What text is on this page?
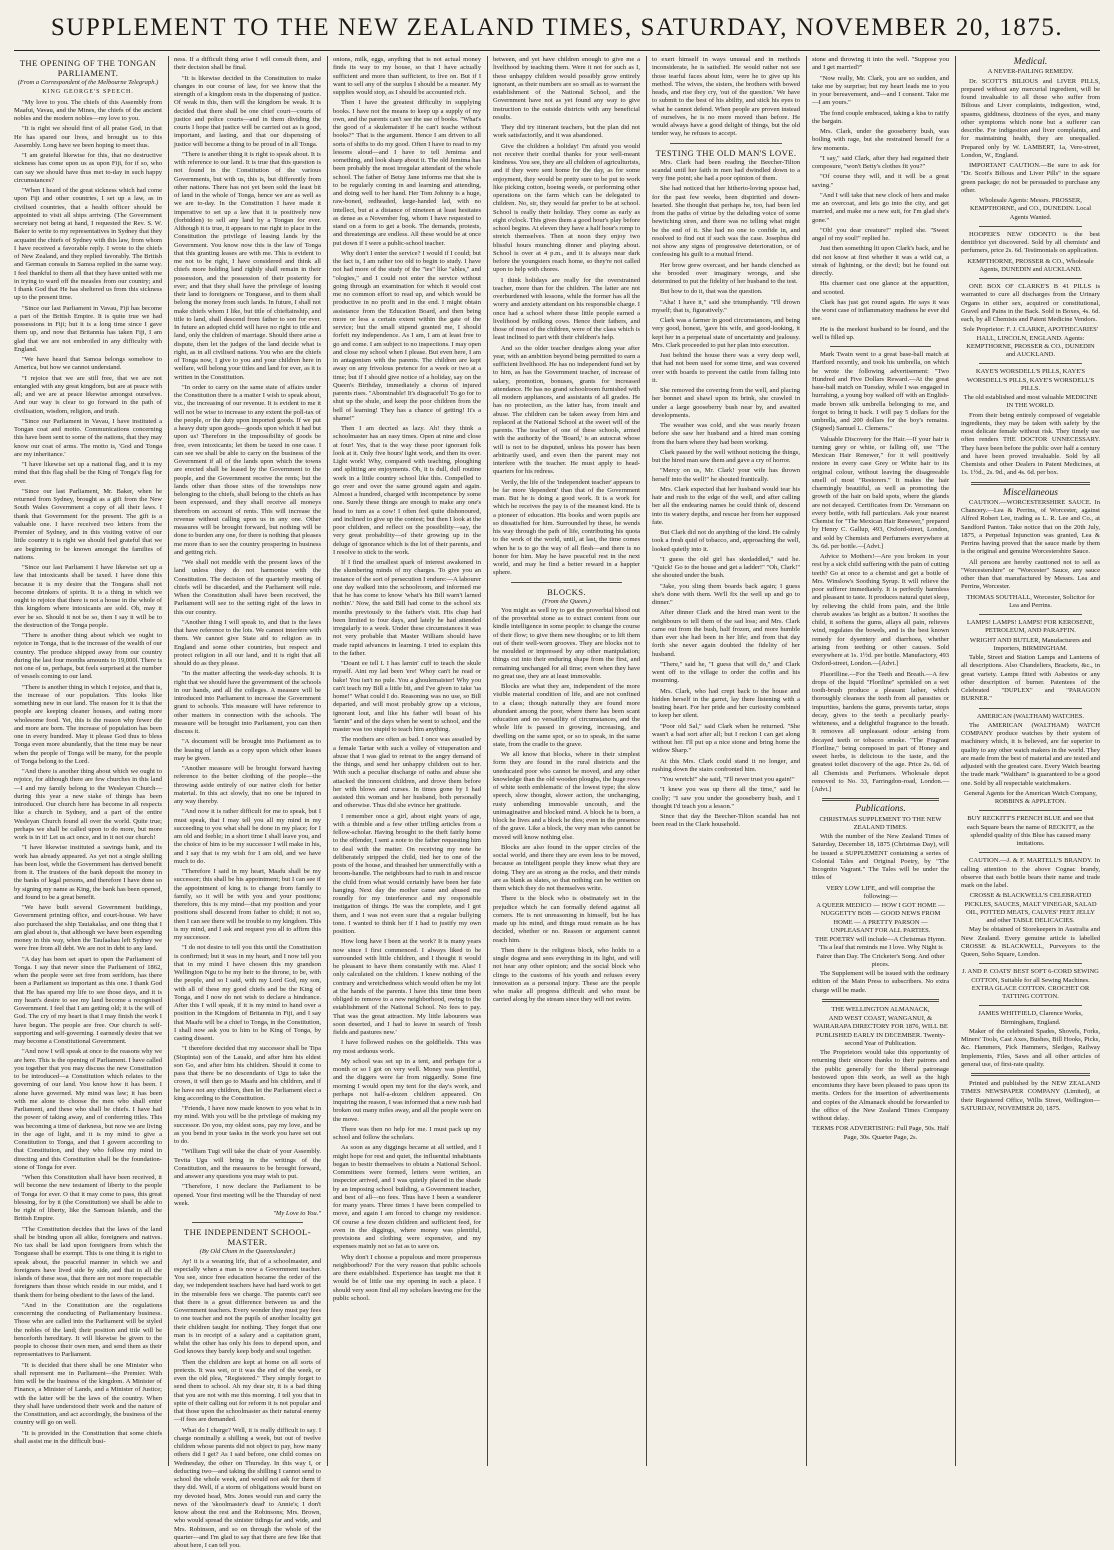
SUPPLEMENT TO THE NEW ZEALAND TIMES, SATURDAY, NOVEMBER 20, 1875.
THE OPENING OF THE TONGAN PARLIAMENT.
(From a Correspondent of the Melbourne Telegraph.)
KING GEORGE'S SPEECH.

"My love to you. The chiefs of this Assembly from Maafui, Vavau, and the Mines, the chiefs of the ancient nobles and the modern nobles—my love to you.

"It is right we should first of all praise God, in that He has spared our lives, and brought us to this Assembly. Long have we been hoping to meet thus.

"I am grateful likewise for this, that no destructive sickness has come upon us as upon Fiji, for if so, who can say we should have thus met to-day in such happy circumstances?

"When I heard of the great sickness which had come upon Fiji and other countries, I set up a law, as in civilised countries, that a health officer should be appointed to visit all ships arriving. (The Government secretary not being at hand, I requested the Rev. S. W. Baker to write to my representatives in Sydney that they acquaint the chiefs of Sydney with this law, from whom I have received a favorable reply. I wrote to the chiefs of New Zealand, and they replied favorably. The British and German consuls in Samoa replied in the same way. I feel thankful to them all that they have united with me in trying to ward off the measles from our country; and I thank God that He has sheltered us from this sickness up to the present time.

"Since our last Parliament in Vavau, Fiji has become a part of the British Empire. It is quite true we had possessions in Fiji; but it is a long time since I gave them up, and now that Britannia has taken Fiji, I am glad that we are not embroiled in any difficulty with England.

"We have heard that Samoa belongs somehow to America, but how we cannot understand.

"I rejoice that we are still free, that we are not entangled with any great kingdom, but are at peace with all; and we are at peace likewise amongst ourselves. And our way is clear to go forward in the path of civilisation, wisdom, religion, and truth.

"Since our Parliament in Vavau, I have instituted a Tongan coat and motto. Communications concerning this have been sent to some of the nations, that they may know our coat of arms. The motto is, 'God and Tonga are my inheritance.'

"I have likewise set up a national flag, and it is my mind that this flag shall be the King of Tonga's flag for ever.

"Since our last Parliament, Mr. Baker, when he returned from Sydney, brought as a gift from the New South Wales Government a copy of all their laws. I thank that Government for the present. The gift is a valuable one. I have received two letters from the Premier of Sydney, and in this visiting votive of our little country it is right we should feel grateful that we are beginning to be known amongst the families of nations.

"Since our last Parliament I have likewise set up a law that intoxicants shall be taxed. I have done this because it is my desire that the Tongans shall not become drinkers of spirits. It is a thing in which we ought to rejoice that there is not a house in the whole of this kingdom where intoxicants are sold. Oh, may it ever be so. Should it not be so, then I say it will be to the destruction of the Tonga people.

"There is another thing about which we ought to rejoice in Tonga, that is the increase of the wealth of our country. The produce shipped away from our country during the last four months amounts to 19,000l. There is not one of us, perhaps, but feels surprised at the number of vessels coming to our land.

"There is another thing in which I rejoice, and that is, the increase of our population. This looks like something new in our land. The reason for it is that the people are keeping cleaner houses, and eating more wholesome food. Yet, this is the reason why fewer die and more are born. The increase of population has been one in every hundred. May it please God thus to bless Tonga even more abundantly, that the time may be near when the people of Tonga will be many, for the people of Tonga belong to the Lord.

"And there is another thing about which we ought to rejoice, for although there are few churches in this land—I and my family belong to the Wesleyan Church—during this year a new stake of things has been introduced. Our church here has become in all respects like a church in Sydney, and a part of the entire Wesleyan Church found all over the world. Quite true; perhaps we shall be called upon to do more, but more work is in it! Let us act once, and in it not our church!

"I have likewise instituted a savings bank, and its work has already appeared. As yet not a single shilling has been lost, while the Government has derived benefit from it. The trustees of the bank deposit the money in the banks of legal persons, and therefore I have done so by signing my name as King, the bank has been opened, and found to be a great benefit.

"We have built several Government buildings, Government printing office, and court-house. We have also purchased the ship Tauiakalaa, and one thing that I am glad about is, that although we have been expending money in this way, when the Taufaahau left Sydney we were free from all debt. We are not in debt to any land.

"A day has been set apart to open the Parliament of Tonga. I say that never since the Parliament of 1862, when the people were set free from serfdom, has there been a Parliament so important as this one. I thank God that He has spared my life to see those days, and it is my heart's desire to see my land become a recognised Government. I feel that I am getting old; it is the will of God. The cry of my heart is that I may finish the work I have begun. The people are free. Our church is self-supporting and self-governing. I earnestly desire that we may become a Constitutional Government.

"And now I will speak at once to the reasons why we are here. This is the opening of Parliament. I have called you together that you may discuss the new Constitution to be introduced—a Constitution which relates to the governing of our land. You know how it has been. I alone have governed. My mind was law; it has been with me alone to choose the men who shall enter Parliament, and these who shall be chiefs. I have had the power of taking away, and of conferring titles. This was becoming a time of darkness, but now we are living in the age of light, and it is my mind to give a Constitution to Tonga, and that I govern according to that Constitution, and they who follow my mind in directing and this Constitution shall be the foundation-stone of Tonga for ever.

"When this Constitution shall have been received, it will become the new testament of liberty to the people of Tonga for ever. O that it may come to pass, this great blessing, for by it (the Constitution) we shall be able to be right of liberty, like the Samoan Islands, and the British Empire.

"The Constitution decides that the laws of the land shall be binding upon all alike, foreigners and natives. No tax shall be laid upon foreigners from which the Tonguese shall be exempt. This is one thing it is right to speak about, the peaceful manner in which we and foreigners have lived side by side, and that in all the islands of these seas, that there are not more respectable foreigners than those which reside in our midst, and I thank them for being obedient to the laws of the land.

"And in the Constitution are the regulations concerning the conducting of Parliamentary business. Those who are called into the Parliament will be styled the nobles of the land; their position and title will be henceforth hereditary. It will likewise be given to the people to choose their own men, and send them as their representatives to Parliament.

"It is decided that there shall be one Minister who shall represent me in Parliament—the Premier. With him will be the business of the kingdom. A Minister of Finance, a Minister of Lands, and a Minister of Justice; with the latter will be the laws of the country. When they shall have understood their work and the nature of the Constitution, and act accordingly, the business of the country will go on well.

"It is provided in the Constitution that some chiefs shall assist me in the difficult busi-

ness. If a difficult thing arise I will consult them, and their decision shall be final.

"It is likewise decided in the Constitution to make changes in our course of law, for we know that the strength of a kingdom rests in the dispensing of justice. Of weak in this, then will the kingdom be weak. It is decided that there shall be one chief court—courts of justice and police courts—and in them dividing the courts I hope that justice will be carried out as is good, important, and lasting, and that our dispensing of justice will become a thing to be proud of in all Tonga.

"There is another thing it is right to speak about. It is with reference to our land. It is true that this question is not found in the Constitution of the various Governments, but with us, this is, but differently from other nations. There has not yet been sold the least bit of land in the whole of Tonga, hence we are as well as we are to-day. In the Constitution I have made it imperative to set up a law that it is positively now (forbidden) to sell any land by a Tongan for ever. Although it is true, it appears to me right to place in the Constitution the privilege of leasing lands by the Government. You know now this is the law of Tonga that this granting leases are with me. This is evident to me not to be right, I have considered and think all chiefs more holding land rightly shall remain in their possession, and the possession of their posterity for ever; and that they shall have the privilege of leasing their land to foreigners or Tonguese, and to them shall belong the money from such lands. In future, I shall not make chiefs whom I like, but title of chieftainship, and title to land, shall descend from father to son for ever. In future an adopted child will have no right to title and land, only the children of marriage. Should there arise a dispute, then let the judges of the land decide what is right, as in all civilised nations. You who are the chiefs of Tonga now, I give to you and your children here in welfare, will belong your titles and land for ever, as it is written in the Constitution.

"In order to carry on the same state of affairs under the Constitution there is a matter I wish to speak about, viz., the increasing of our revenue. It is evident to me it will not be wise to increase to any extent the poll-tax of the people, or the duty upon imported goods. If we put a heavy duty upon goods—goods upon which it had but upon us! Therefore in the impossibility of goods be free, even intoxicants; let them be taxed in one case. I can see we shall be able to carry on the business of the Government if all of the lands upon which the towns are erected shall be leased by the Government to the people, and the Government receive the rents; but the lands other than those sites of the townships now belonging to the chiefs, shall belong to the chiefs as has been expressed, and they shall receive all moneys therefrom on account of rents. This will increase the revenue without calling upon us in any one. Other measures will be brought forward, but nothing will be done to burden any one, for there is nothing that pleases me more than to see the country prospering in business and getting rich.

"We shall not meddle with the present laws of the land unless they do not harmonise with the Constitution. The decision of the quarterly meeting of chiefs will be discarded, and the Parliament will rule. When the Constitution shall have been received, the Parliament will see to the setting right of the laws in this our country.

"Another thing I will speak to, and that is the laws that have reference to the lots. We cannot interfere with them. We cannot give State aid to religion as in England and some other countries, but respect and protect religion in all our land, and it is right that all should do as they please.

"In the matter affecting the week-day schools. It is right that we should have the government of the schools in our hands, and all the colleges. A measure will be introduced into Parliament to increase the Government grant to schools. This measure will have reference to other matters in connection with the schools. The measure will be brought into Parliament, you can then discuss it.

"A document will be brought into Parliament as to the leasing of lands as a copy upon which other leases may be given.

"Another measure will be brought forward having reference to the better clothing of the people—the throwing aside entirely of our native cloth for better material. In this act slowly, that no one be injured in any way thereby.

"And now it is rather difficult for me to speak, but I must speak, that I may tell you all my mind in my succeeding to you what shall be done in my place; for I am old and feeble; in a short time I shall leave you, and the choice of him to be my successor I will make in his, and I say that is my wish for I am old, and we have much to do.

"Therefore I said in my heart, Maafu shall be my successor; this shall be his appointment; but I can see if the appointment of king is to change from family to family, so it will be with you and your positions; therefore, this is my mind—that my position and your positions shall descend from father to child; it not so, then I can see there will be trouble to my kingdom. This is my mind, and I ask and request you all to affirm this my successor.

"I do not desire to tell you this until the Constitution is confirmed; but it was in my heart, and I now tell you that in my mind I have chosen this my grandson Wellington Ngu to be my heir to the throne, to be, with the people, and so I said, with my Lord God, my son, with all of these my good chiefs and be the King of Tonga, and I now do not wish to declare a hindrance. After this I will speak, if it is my mind to hand over a position in the Kingdom of Britannia in Fiji, and I say that Maafu will be a chief to Tonga, in the Constitution, I shall now ask you to him to be King of Tonga, by casting dissent.

"I therefore decided that my successor shall be Tipa (Siupinta) son of the Lauaki, and after him his eldest son Go, and after him his children. Should it come to pass that there be no descendants of Ugu to take the crown, it will then go to Maafu and his children, and if he have not any children, then let the Parliament elect a king according to the Constitution.

"Friends, I have now made known to you what is in my mind. With you will be the privilege of making my successor. Do you, my oldest sons, pay my love, and be as you bend in your tasks in the work you have set out to do.

"William Tugi will take the chair of your Assembly. Tevita Ugu will bring in the writings of the Constitution, and the measures to be brought forward, and answer any questions you may wish to put.

"Therefore, I now declare the Parliament to be opened. Your first meeting will be the Thursday of next week.

"My Love to You."
THE INDEPENDENT SCHOOL-MASTER.
(By Old Chum in the Queenslander.)

Ay! it is a weaning life, that of a schoolmaster, and especially when a man is now a Government teacher. You see, since free education became the order of the day, we independent teachers have had hard work to get in the miserable fees we charge. The parents can't see that there is a great difference between us and the Government teachers. Every wonder they must pay fees to one teacher and not the pupils of another locality got their children taught for nothing. They forget that one man is in receipt of a salary and a capitation grant, whilst the other has only his fees to depend upon, and God knows they barely keep body and soul together.

Then the children are kept at home on all sorts of pretexts. It was wet, or it was the end of the week, or even the old plea, "Registered." They simply forget to send them to school. Ah my dear sir, it is a bad thing that you are not with me this morning. I tell you that in spite of their calling out for reform it is not popular and that those upon the schoolmaster as their natural enemy—if fees are demanded.

What do I charge? Well, it is really difficult to say. I charge nominally a shilling a week, but out of twelve children whose parents did not object to pay, how many others did I get? As I said before, one child comes on Wednesday, the other on Thursday. In this way I, or deducting two—and taking the shilling I cannot send to school the whole week, and would not ask for them if they did. Well, if a storm of obligations would burst on my devoted head, Mrs. Jones would run and carry the news of the 'skoolmaster's dead' to Annie's; I don't know about the rest and the Robinsons; Mrs. Brown, who would spread the sinister tidings far and wide, and Mrs. Robinson, and so on through the whole of the quarter—and I'm glad to say that there are few like that about here, I can tell you.

onions, milk, eggs, anything that is not actual money finds its way to my house, so that I have actually sufficient and more than sufficient, to live on. But if I want to sell any of the surplus I should be a meaner. My supplies would stop, as I should be accounted rich.

Then I have the greatest difficulty in supplying books. I have not the means to keep up a supply of my own, and the parents can't see the use of books. "What's the good of a skulemaister if he can't teache without books?" That is the argument. Hence I am driven to all sorts of shifts to do my good. Often I have to read to my lessons aloud—and I have to tell Jemima and something, and look sharp about it. The old Jemima has been probably the most irregular attendant of the whole school. The father of Betsy Jane informs me that she is to be regularly coming in and learning and attending, and doing well to her hand. Her Tom Johnny is a huge, raw-boned, redheaded, large-handed lad, with no intellect, but at a distance of nineteen at least hesitates as dense as a November fog, whom I have requested to stand on a form to get a book. The demands, protests, and threatenings are endless. All these would be at once put down if I were a public-school teacher.

Why don't I enter the service? I would if I could; but the fact is, I am rather too old to begin to study. I have not had more of the study of the "ies" like "ables," and "ologies," and I could not enter the service without going through an examination for which it would cost me no common effort to read up, and which would be productive in no profit and in the end. I might obtain assistance from the Education Board, and then being more or less a certain extent within the gate of the service; but the small stipend granted me, I should forfeit my independence. As I am, I am at least free to go and come. I am subject to no inspections. I may open and close my school when I please. But even here, I am in antagonism with the parents. The children are kept away on any frivolous pretence for a week or two at a time; but if I should give notice of a holiday, say on the Queen's Birthday, immediately a chorus of injured parents rises. "Abominable! It's disgraceful! To go for to shut up the shule, and keep the poor children from the bell of learning! They has a chance of getting! It's a shame!"

Then I am decried as lazy. Ah! they think a schoolmaster has an easy times. Open at nine and close at four! Yes, that is the way these poor ignorant folk look at it. Only five hours' light work, and then its over. Light work! Why, compared with teaching, ploughing and splitting are enjoyments. Oh, it is dull, dull routine work in a little country school like this. Compelled to go over and over the same ground again and again. Almost a hundred, charged with incompetence by some one. Surely these things are enough to make any one's head to turn as a cow! I often feel quite dishonoured, and inclined to give up the contest; but then I look at the poor children, and reflect on the possibility—say, the very great probability—of their growing up in the deluge of ignorance which is the lot of their parents, and I resolve to stick to the work.

If I find the smallest spark of interest awakened in the slumbering minds of my charges. To give you an instance of the sort of persecution I endure:—A labourer one day walked into the schoolroom, and informed me that he has come to know 'what's his Bill warn't larned nothin'.' Now, the said Bill had come to the school six months previously to the father's visit. His chap had been limited to four days, and lately he had attended irregularly to a week. Under these circumstances it was not very probable that Master William should have made rapid advances in learning. I tried to explain this to the father.

"Doant ee tell I. I has larnin' cuff to teach the skule myself. Aint my lad been 'ere! Whoy can't he read or bake! You isn't no pule. You a ghoulemaister! Why you can't teach my Bill a little bit, and I've given to take 'ua home!" What could I do. Reasoning was no use, so Bill departed, and will most probably grow up a vicious, ignorant lout, and like his father will boast of his 'larnin'' and of the days when he went to school, and the master was too stupid to teach him anything.

The mothers are often as bad. I once was assailed by a female Tartar with such a volley of vituperation and abuse that I was glad to retreat to the angry demand of the things, and send her unhappy children out to her. With such a peculiar discharge of oaths and abuse she attacked the innocent children, and drove them before her with blows and curses. In times gone by I had assisted this woman and her husband, both personally and otherwise. Thus did she evince her gratitude.

I remember once a girl, about eight years of age, with a thimble and a few other trifling articles from a fellow-scholar. Having brought to the theft fairly home to the offender, I sent a note to the father requesting him to deal with the matter. On receiving my note he deliberately stripped the child, tied her to one of the posts of the house, and thrashed her unmercifully with a broom-handle. The neighbours had to rush in and rescue the child from what would certainly have been her fate hanging. Next day the mother came and abused me roundly for my interference and my responsible instigation of things. He was the complete, and I got them, and I was not even sure that a regular bullying tone. I wanted to think her if I had to justify my own position.

How long have I been at the work? It is many years now since I first commenced. I always liked to be surrounded with little children, and I thought it would be pleasant to have them constantly with me. Alas! I only calculated on the children. I knew nothing of the contrary and wretchedness which would often be my lot at the hands of the parents. I have this time time been obliged to remove to a new neighborhood, owing to the establishment of the National School. No fees to pay. That was the great attraction. My little labourers was soon deserted, and I had to leave in search of 'fresh fields and pastures new.'

I have followed rushes on the goldfields. This was my most arduous work.

My school was set up in a tent, and perhaps for a month or so I got on very well. Money was plentiful, and the diggers were far from niggardly. Some fine morning I would open my tent for the day's work, and perhaps not half-a-dozen children appeared. On inquiring the reason, I was informed that a new rush had broken out many miles away, and all the people were on the move.

There was then no help for me. I must pack up my school and follow the scholars.

As soon as any diggings became at all settled, and I might hope for rest and quiet, the influential inhabitants began to bestir themselves to obtain a National School. Committees were formed, letters were written, an inspector arrived, and I was quietly placed in the shade by an imposing school building, a Government teacher, and best of all—no fees. Thus have I been a wanderer for many years. Three times I have been compelled to move, and again I am forced to change my residence. Of course a few dozen children and sufficient feed, for even in the diggings, where money was plentiful, provisions and clothing were expensive, and my expenses mainly not so fat as to save on.

Why don't I choose a populous and more prosperous neighborhood? For the very reason that public schools are there established. Experience has taught me that it would be of little use my opening in such a place. I should very soon find all my scholars leaving me for the public school.

between, and yet have children enough to give me a livelihood by teaching them. Were it not for such as I, these unhappy children would possibly grow entirely ignorant, as their numbers are so small as to warrant the establishment of the National School, and the Government have not as yet found any way to give instruction to the outside districts with any beneficial results.

They did try itinerant teachers, but the plan did not work satisfactorily, and it was abandoned.

Give the children a holiday! I'm afraid you would not receive their cordial thanks for your well-meant kindness. You see, they are all children of agriculturists, and if they were sent home for the day, as for some enjoyment, they would be pretty sure to be put to work like picking cotton, hoeing weeds, or performing other operations on the farm which can be delegated to children. No, sir, they would far prefer to be at school. School is really their holiday. They come as early as eight o'clock. This gives them a good hour's play before school begins. At eleven they have a half hour's romp to stretch themselves. Then at noon they enjoy two blissful hours munching dinner and playing about. School is over at 4 p.m., and it is always near dark before the youngsters reach home, so they're not called upon to help with chores.

I think holidays are really for the overstrained teacher, more than for the children. The latter are not overburdened with lessons, while the former has all the worry and anxiety attendant on his responsible charge. I once had a school where these little people earned a livelihood by milking cows. Hence their fathers, and those of most of the children, were of the class which is least inclined to part with their children's help.

And so the older teacher drudges along year after year, with an ambition beyond being permitted to earn a sufficient livelihood. He has no independent fund set by to him, as has the Government teacher, of increase of salary, promotion, bonuses, grants for increased attendance. He has no grand schoolroom furnished with all modern appliances, and assistants of all grades. He has no protection, as the latter has, from insult and abuse. The children can be taken away from him and replaced at the National School at the sweet will of the parents. The teacher of one of these schools, armed with the authority of the 'Board,' is an autocrat whose will is not to be disputed, unless his power has been arbitrarily used, and even then the parent may not interfere with the teacher. He must apply to head-quarters for his redress.

Verily, the life of the 'independent teacher' appears to be far more 'dependent' than that of the Government man. But he is doing a good work. It is a work for which he receives the pay is of the meanest kind. He is a pioneer of education. His books and worn pupils are so dissatisfied for him. Surrounded by these, he wends his way through the path of life, contributing his quota to the work of the world, until, at last, the time comes when he is to go the way of all flesh—and there is no honor for him. May he have peaceful rest in the next world, and may he find a better reward in a happier sphere.

BLOCKS.
(From the Queen.)

You might as well try to get the proverbial blood out of the proverbial stone as to extract content from our kindle intelligence in some people: to change the course of their flow; to give them new thoughts; or to lift them out of their well-worn grooves. They are blocks not to be moulded or impressed by any other manipulation; things cut into their enduring shape from the first, and remaining unchanged for all time; even when they have no great use, they are at least immovable.

Blocks are what they are, independent of the more visible material condition of life, and are not confined to a class; though naturally they are found more abundant among the poor, where there has been scant education and no versatility of circumstances, and the whole life is passed in growing, increasing, and dwelling on the same spot, or so to speak, in the same state, from the cradle to the grave.

We all know that blocks, where in their simplest form they are found in the rural districts and the uneducated poor who cannot be moved, and any other knowledge than the old wooden ploughs, the huge rows of white teeth emblematic of the lowest type; the slow speech, slow thought, slower action, the unchanging, rusty unbending immovable uncouth, and the unimaginative and blocked mind. A block he is born, a block he lives and a block he dies; even in the presence of the grave. Like a block, the very man who cannot be moved will know nothing else.

Blocks are also found in the upper circles of the social world, and there they are even less to be moved, because as intelligent people they know what they are doing. They are as strong as the rocks, and their minds are as blank as slates, so that nothing can be written on them which they do not themselves write.

There is the block who is obstinately set in the prejudice which he can formally defend against all comers. He is not unreasoning in himself, but he has made up his mind, and things must remain as he has decided, whether or no. Reason or argument cannot reach him.

Then there is the religious block, who holds to a single dogma and sees everything in its light, and will not hear any other opinion; and the social block who clings to the customs of his youth and refuses every innovation as a personal injury. These are the people who make all progress difficult and who must be carried along by the stream since they will not swim.

to exert himself in ways unusual and in methods inconsiderate, he is satisfied. He would rather not see those tearful faces about him, were he to give up his method. The wives, the sisters, the brothers with bowed heads, and rise they cry, 'out of the question.' We have to submit to the best of his ability, and stick his eyes to what he cannot defend. When people are proven instead of ourselves, he is no more moved than before. He would always have a good delight of things, but the old tender way, he refuses to accept.

TESTING THE OLD MAN'S LOVE.

Mrs. Clark had been reading the Beecher-Tilton scandal until her faith in men had dwindled down to a very fine point; she had a poor opinion of them.

She had noticed that her hitherto-loving spouse had, for the past few weeks, been dispirited and down-hearted. She thought that perhaps he, too, had been led from the paths of virtue by the deluding voice of some bewitching siren, and there was no telling what might be the end of it. She had no one to confide in, and resolved to find out if such was the case. Josephus did not show any signs of progressive deterioration, or of confessing his guilt to a mutual friend.

Her brow grew overcast, and her hands clenched as she brooded over imaginary wrongs, and she determined to put the fidelity of her husband to the test.

But how to do it, that was the question.

"Aha! I have it," said she triumphantly. "I'll drown myself; that is, figuratively."

Clark was a farmer in good circumstances, and being very good, honest, 'gave his wife, and good-looking, it kept her in a perpetual state of uncertainty and jealousy. Mrs. Clark proceeded to put her plan into execution.

Just behind the house there was a very deep well, that had not been used for some time, and was covered over with boards to prevent the cattle from falling into it.

She removed the covering from the well, and placing her bonnet and shawl upon its brink, she crawled in under a large gooseberry bush near by, and awaited developments.

The weather was cold, and she was nearly frozen before she saw her husband and a hired man coming from the barn where they had been working.

Clark passed by the well without noticing the things, but the hired man saw them and gave a cry of horror.

"Mercy on us, Mr. Clark! your wife has thrown herself into the well!" he shouted frantically.

Mrs. Clark expected that her husband would tear his hair and rush to the edge of the well, and after calling her all the endearing names he could think of, descend into its watery depths, and rescue her from her supposed fate.

But Clark did not do anything of the kind. He calmly took a fresh quid of tobacco, and, approaching the well, looked quietly into it.

"I guess the old girl has skedaddled," said he. "Quick! Go to the house and get a ladder!" "Oh, Clark!" she shouted under the bush.

"Jake, you sling them boards back again; I guess she's done with them. We'll fix the well up and go to dinner."

After dinner Clark and the hired man went to the neighbours to tell them of the sad loss; and Mrs. Clark came out from the bush, half frozen, and more humble than ever she had been in her life; and from that day forth she never again doubted the fidelity of her husband.

"There," said he, "I guess that will do," and Clark went off to the village to order the coffin and his mourning.

Mrs. Clark, who had crept back to the house and hidden herself in the garret, lay there listening with a beating heart. For her pride and her curiosity combined to keep her silent.

"Poor old Sal," said Clark when he returned. "She wasn't a bad sort after all; but I reckon I can get along without her. I'll put up a nice stone and bring home the widow Sharp."

At this Mrs. Clark could stand it no longer, and rushing down the stairs confronted him.

"You wretch!" she said, "I'll never trust you again!"

"I knew you was up there all the time," said he coolly; "I saw you under the gooseberry bush, and I thought I'd teach you a lesson."

Since that day the Beecher-Tilton scandal has not been read in the Clark household.

stone and throwing it into the well. "Suppose you and I get married?"

"Now really, Mr. Clark, you are so sudden, and take me by surprise; but my heart leads me to you in your bereavement, and—and I consent. Take me—I am yours."

The fond couple embraced, taking a kiss to ratify the bargain.

Mrs. Clark, under the gooseberry bush, was boiling with rage, but she restrained herself for a few moments.

"I say," said Clark, after they had regained their composure, "won't Betty's clothes fit you?"

"Of course they will, and it will be a great saving."

"And I will take that new clock of hers and make me an overcoat, and lets go into the city, and get married, and make me a new suit, for I'm glad she's gone."

"Oh! you dear creature!" replied she. "Sweet angel of my soul!" replied he.

Just then something lit upon Clark's back, and he did not know at first whether it was a wild cat, a streak of lightning, or the devil; but he found out directly.

His charmer cast one glance at the apparition, and scooted.

Clark has just got round again. He says it was the worst case of inflammatory madness he ever did see.

He is the meekest husband to be found, and the well is filled up.

Mark Twain went to a great base-ball match at Hartford recently, and took his umbrella, on which he wrote the following advertisement: "Two Hundred and Five Dollars Reward.—At the great base-ball match on Tuesday, while I was engaged in hurrahing, a young boy walked off with an English-made brown silk umbrella belonging to me, and forgot to bring it back. I will pay 5 dollars for the umbrella, and 200 dollars for the boy's remains. (Signed) Samuel L. Clemens."

Valuable Discovery for the Hair.—If your hair is turning grey or white, or falling off, use "The Mexican Hair Renewer," for it will positively restore in every case Grey or White hair to its original colour, without leaving the disagreeable smell of most "Restorers." It makes the hair charmingly beautiful, as well as promoting the growth of the hair on bald spots, where the glands are not decayed. Certificates from Dr. Versmann on every bottle, with full particulars. Ask your nearest Chemist for "The Mexican Hair Renewer," prepared by Henry C. Gallup, 493, Oxford-street, London, and sold by Chemists and Perfumers everywhere at 3s. 6d. per bottle.—[Advt.]

Advice to Mothers!—Are you broken in your rest by a sick child suffering with the pain of cutting teeth? Go at once to a chemist and get a bottle of Mrs. Winslow's Soothing Syrup. It will relieve the poor sufferer immediately. It is perfectly harmless and pleasant to taste. It produces natural quiet sleep, by relieving the child from pain, and the little cherub awakes 'as bright as a button.' It soothes the child, it softens the gums, allays all pain, relieves wind, regulates the bowels, and is the best known remedy for dysentery and diarrhoea, whether arising from teething or other causes. Sold everywhere at 1s. 1½d. per bottle. Manufactory, 493 Oxford-street, London.—[Advt.]

Fluorilline.—For the Teeth and Breath.—A few drops of the liquid "Floriline" sprinkled on a wet tooth-brush produce a pleasant lather, which thoroughly cleanses the teeth from all parasites or impurities, hardens the gums, prevents tartar, stops decay, gives to the teeth a peculiarly pearly-whiteness, and a delightful fragrance to the breath. It removes all unpleasant odour arising from decayed teeth or tobacco smoke. "The Fragrant Floriline," being composed in part of Honey and sweet herbs, is delicious to the taste, and the greatest toilet discovery of the age. Price 2s. 6d. of all Chemists and Perfumers. Wholesale depot removed to No. 33, Farringdon-road, London.—[Advt.]

Publications.
CHRISTMAS SUPPLEMENT TO THE NEW ZEALAND TIMES.

With the number of the New Zealand Times of Saturday, December 18, 1875 (Christmas Day), will be issued a SUPPLEMENT containing a series of Colonial Tales and Original Poetry, by "The Incognito Vagrant." The Tales will be under the titles of

VERY LOW LIFE, and will comprise the following:—
A QUEER MEDICO — HOW I GOT HOME — NUGGETTY BOB — GOOD NEWS FROM HOME — A PRETTY PARSON — UNPLEASANT FOR ALL PARTIES.
THE POETRY will include—A Christmas Hymn. 'Tis a leaf that reminds me I love. Why Night is Fairer than Day. The Cricketer's Song. And other pieces.

The Supplement will be issued with the ordinary edition of the Main Press to subscribers. No extra charge will be made.

THE WELLINGTON ALMANACK,
AND WEST COAST, WANGANUI, & WAIRARAPA DIRECTORY FOR 1876, WILL BE PUBLISHED EARLY IN DECEMBER. Twenty-second Year of Publication.

The Proprietors would take this opportunity of returning their sincere thanks to their patrons and the public generally for the liberal patronage bestowed upon this work, as well as the high encomiums they have been pleased to pass upon its merits. Orders for the insertion of advertisements and copies of the Almanack should be forwarded to the office of the New Zealand Times Company without delay.

TERMS FOR ADVERTISING: Full Page, 50s. Half Page, 30s. Quarter Page, 2s.
Medical.
A NEVER-FAILING REMEDY.

Dr. SCOTT'S BILIOUS and LIVER PILLS, prepared without any mercurial ingredient, will be found invaluable to all those who suffer from Bilious and Liver complaints, indigestion, wind, spasms, giddiness, dizziness of the eyes, and many other symptoms which none but a sufferer can describe. For indigestion and liver complaints, and for maintaining health, they are unequalled. Prepared only by W. LAMBERT, 1a, Vere-street, London, W., England.

IMPORTANT CAUTION.—Be sure to ask for "Dr. Scott's Bilious and Liver Pills" in the square green package; do not be persuaded to purchase any other.

Wholesale Agents: Messrs. PROSSER, KEMPTHORNE, and CO., DUNEDIN. Local Agents Wanted.

HOOPER'S NEW ODONTO is the best dentifrice yet discovered. Sold by all chemists' and perfumers, price 2s. 6d. Testimonials on application.

KEMPTHORNE, PROSSER & CO., Wholesale Agents, DUNEDIN and AUCKLAND.

ONE BOX OF CLARKE'S B 41 PILLS is warranted to cure all discharges from the Urinary Organs in either sex, acquired or constitutional, Gravel and Pains in the Back. Sold in Boxes, 4s. 6d. each, by all Chemists and Patent Medicine Vendors.

Sole Proprietor: F. J. CLARKE, APOTHECARIES' HALL, LINCOLN, ENGLAND. Agents: KEMPTHORNE, PROSSER & CO., DUNEDIN and AUCKLAND.
KAYE'S WORSDELL'S PILLS, KAYE'S WORSDELL'S PILLS, KAYE'S WORSDELL'S PILLS.
The old established and most valuable MEDICINE IN THE WORLD.

From their being entirely composed of vegetable ingredients, they may be taken with safety by the most delicate female without risk. They timely use often renders THE DOCTOR UNNECESSARY. They have been before the public over half a century and have been proved invaluable. Sold by all Chemists and other Dealers in Patent Medicines, at 1s. 1½d., 2s. 9d., and 4s. 6d. per box.

Miscellaneous

CAUTION.—WORCESTERSHIRE SAUCE. In Chancery.—Lea & Perrins, of Worcester, against Alfred Robert Lee, trading as L. R. Lee and Co., at Sandford Panton. Take notice that on the 20th July, 1875, a Perpetual Injunction was granted, Lea & Perrins having proved that the sauce made by them is the original and genuine Worcestershire Sauce.

All persons are hereby cautioned not to sell as "Worcestershire" or "Worcester" Sauce, any sauce other than that manufactured by Messrs. Lea and Perrins, Worcester.

THOMAS SOUTHALL, Worcester, Solicitor for Lea and Perrins.
LAMPS! LAMPS! LAMPS! FOR KEROSENE, PETROLEUM, AND PARAFFIN.
WRIGHT AND BUTLER, Manufacturers and Importers, BIRMINGHAM.

Table, Street and Station Lamps and Lanterns of all descriptions. Also Chandeliers, Brackets, &c., in great variety. Lamps fitted with Asbestos or any other description of burner. Patentees of the Celebrated "DUPLEX" and "PARAGON BURNER."

AMERICAN (WALTHAM) WATCHES.

The AMERICAN (WALTHAM) WATCH COMPANY produce watches by their system of machinery which, it is believed, are far superior in quality to any other watch makers in the world. They are made from the best of material and are tested and adjusted with the greatest care. Every Watch bearing the trade mark "Waltham" is guaranteed to be a good one. Sold by all respectable watchmakers.

General Agents for the American Watch Company, ROBBINS & APPLETON.
BUY RECKITT'S FRENCH BLUE and see that each Square bears the name of RECKITT, as the splendid quality of this Blue has caused many imitations.

CAUTION.—J. & F. MARTELL'S BRANDY. In calling attention to the above Cognac brandy, observe that each bottle bears their name and trade mark on the label.

CROSSE & BLACKWELL'S CELEBRATED PICKLES, SAUCES, MALT VINEGAR, SALAD OIL, POTTED MEATS, CALVES' FEET JELLY and other TABLE DELICACIES.

May be obtained of Storekeepers in Australia and New Zealand. Every genuine article is labelled CROSSE & BLACKWELL, Purveyors to the Queen, Soho Square, London.

J. AND P. COATS' BEST SOFT 6-CORD SEWING COTTON, Suitable for all Sewing Machines. EXTRA GLACE COTTON. CROCHET OR TATTING COTTON.
JAMES WHITFIELD, Clarence Works, Birmingham, England.

Maker of the celebrated Spades, Shovels, Forks, Miners' Tools, Cast Axes, Bushes, Bill Hooks, Picks, &c. Hammers, Pick Hammers, Sledges, Railway Implements, Files, Saws and all other articles of general use, of first-rate quality.

Printed and published by the NEW ZEALAND TIMES NEWSPAPER COMPANY (Limited), at their Registered Office, Willis Street, Wellington—SATURDAY, NOVEMBER 20, 1875.
